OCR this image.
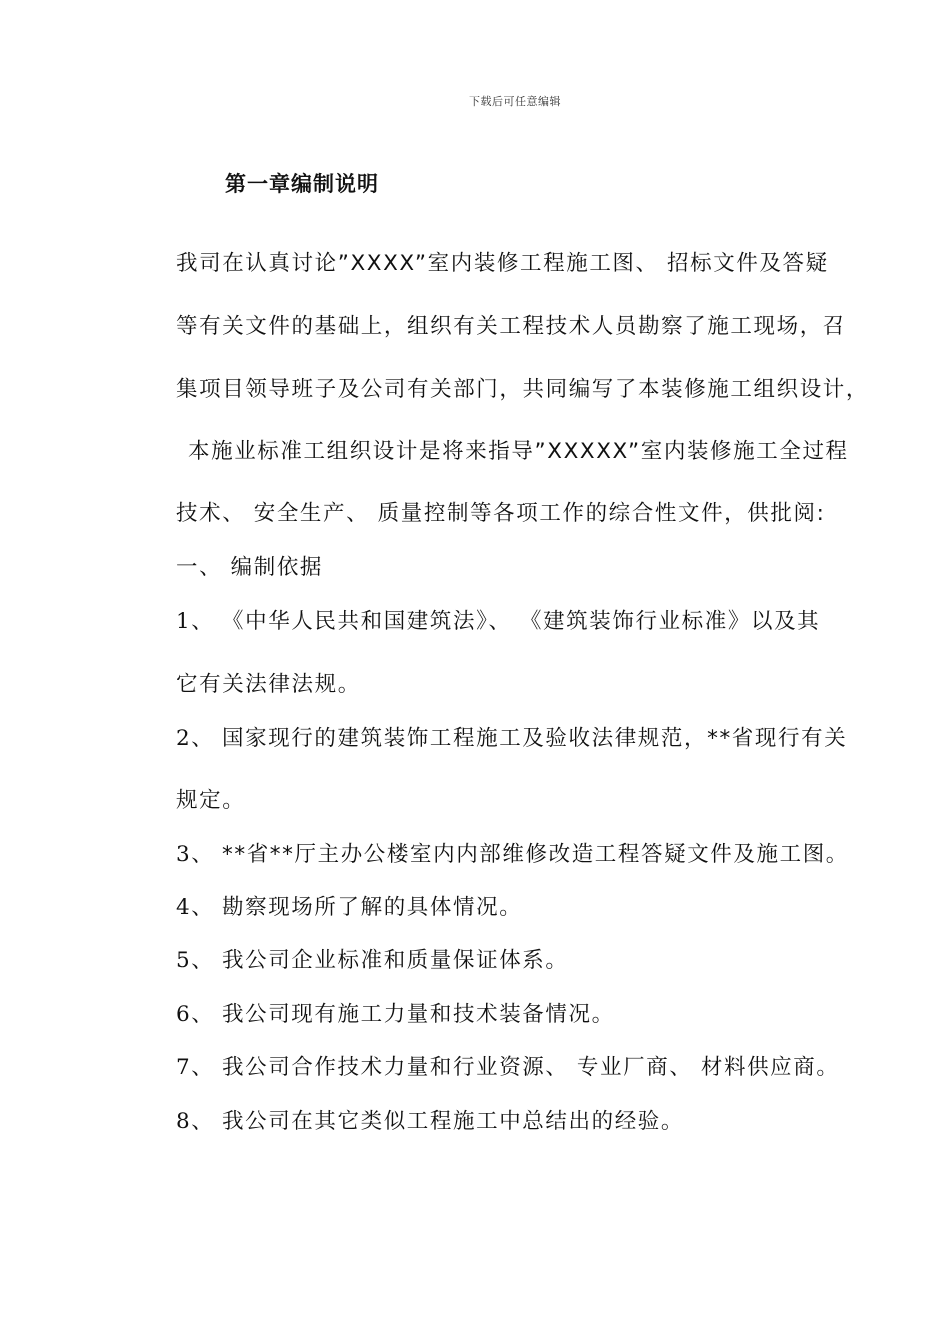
下载后可任意编辑
第一章编制说明
我司在认真讨论”XXXX”室内装修工程施工图、 招标文件及答疑
等有关文件的基础上，组织有关工程技术人员勘察了施工现场，召
集项目领导班子及公司有关部门，共同编写了本装修施工组织设计，
本施业标准工组织设计是将来指导”XXXXX”室内装修施工全过程
技术、 安全生产、 质量控制等各项工作的综合性文件，供批阅:
一、 编制依据
1、 《中华人民共和国建筑法》、 《建筑装饰行业标准》以及其
它有关法律法规。
2、 国家现行的建筑装饰工程施工及验收法律规范，**省现行有关
规定。
3、 **省**厅主办公楼室内内部维修改造工程答疑文件及施工图。
4、 勘察现场所了解的具体情况。
5、 我公司企业标准和质量保证体系。
6、 我公司现有施工力量和技术装备情况。
7、 我公司合作技术力量和行业资源、 专业厂商、 材料供应商。
8、 我公司在其它类似工程施工中总结出的经验。
